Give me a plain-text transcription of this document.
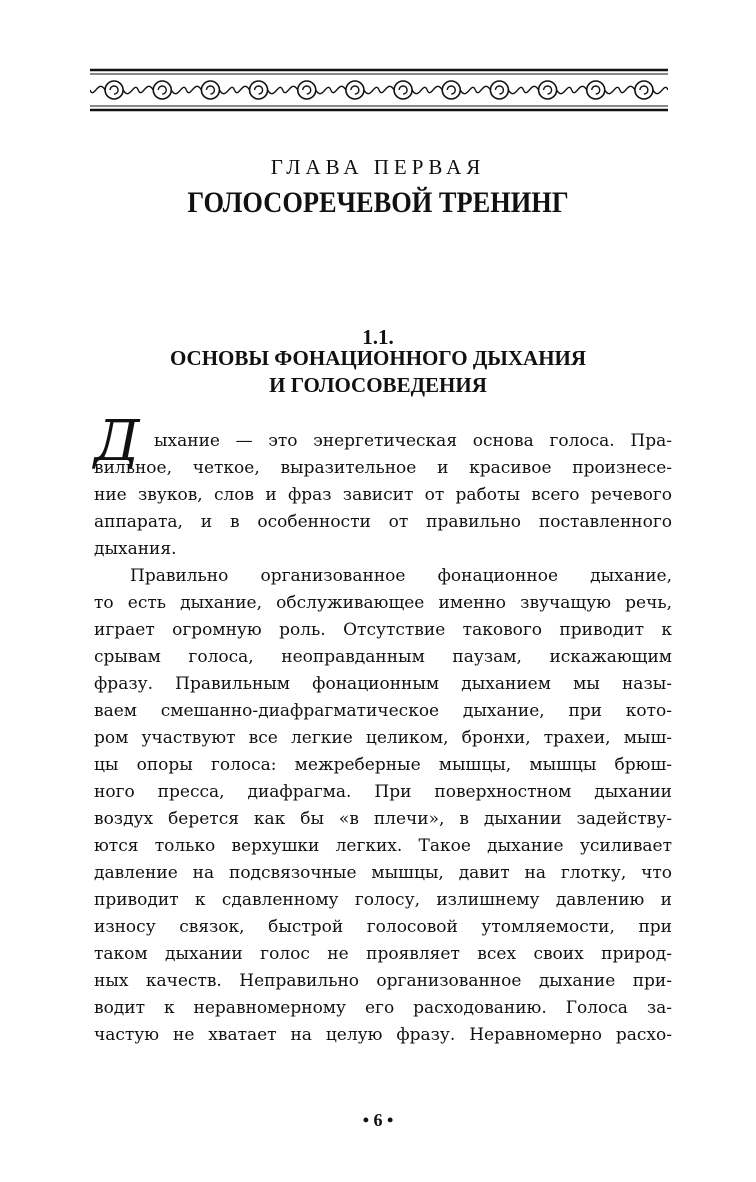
ГЛАВА ПЕРВАЯ
ГОЛОСОРЕЧЕВОЙ ТРЕНИНГ
1.1.
ОСНОВЫ ФОНАЦИОННОГО ДЫХАНИЯ
И ГОЛОСОВЕДЕНИЯ
Д ыхание — это энергетическая основа голоса. Пра-
вильное, четкое, выразительное и красивое произнесе-
ние звуков, слов и фраз зависит от работы всего речевого
аппарата, и в особенности от правильно поставленного
дыхания.
Правильно организованное фонационное дыхание,
то есть дыхание, обслуживающее именно звучащую речь,
играет огромную роль. Отсутствие такового приводит к
срывам голоса, неоправданным паузам, искажающим
фразу. Правильным фонационным дыханием мы назы-
ваем смешанно-диафрагматическое дыхание, при кото-
ром участвуют все легкие целиком, бронхи, трахеи, мыш-
цы опоры голоса: межреберные мышцы, мышцы брюш-
ного пресса, диафрагма. При поверхностном дыхании
воздух берется как бы «в плечи», в дыхании задейству-
ются только верхушки легких. Такое дыхание усиливает
давление на подсвязочные мышцы, давит на глотку, что
приводит к сдавленному голосу, излишнему давлению и
износу связок, быстрой голосовой утомляемости, при
таком дыхании голос не проявляет всех своих природ-
ных качеств. Неправильно организованное дыхание при-
водит к неравномерному его расходованию. Голоса за-
частую не хватает на целую фразу. Неравномерно расхо-
• 6 •
